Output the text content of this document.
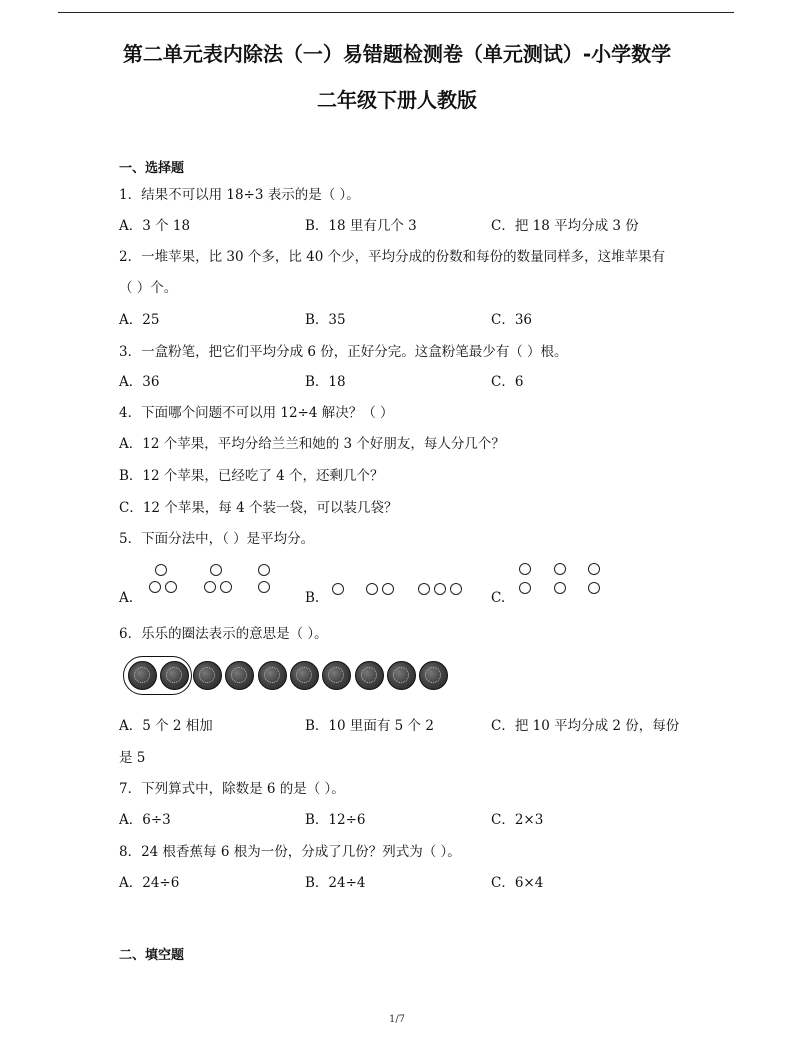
第二单元表内除法（一）易错题检测卷（单元测试）-小学数学
二年级下册人教版
一、选择题
1．结果不可以用 18÷3 表示的是（ ）。
A．3 个 18	B．18 里有几个 3	C．把 18 平均分成 3 份
2．一堆苹果，比 30 个多，比 40 个少，平均分成的份数和每份的数量同样多，这堆苹果有
（ ）个。
A．25	B．35	C．36
3．一盒粉笔，把它们平均分成 6 份，正好分完。这盒粉笔最少有（ ）根。
A．36	B．18	C．6
4．下面哪个问题不可以用 12÷4 解决？（ ）
A．12 个苹果，平均分给兰兰和她的 3 个好朋友，每人分几个？
B．12 个苹果，已经吃了 4 个，还剩几个？
C．12 个苹果，每 4 个装一袋，可以装几袋？
5．下面分法中，（ ）是平均分。
A.	B.	C.
6．乐乐的圈法表示的意思是（ ）。
A．5 个 2 相加	B．10 里面有 5 个 2	C．把 10 平均分成 2 份，每份
是 5
7．下列算式中，除数是 6 的是（ ）。
A．6÷3	B．12÷6	C．2×3
8．24 根香蕉每 6 根为一份，分成了几份？列式为（ ）。
A．24÷6	B．24÷4	C．6×4
二、填空题
1/7
